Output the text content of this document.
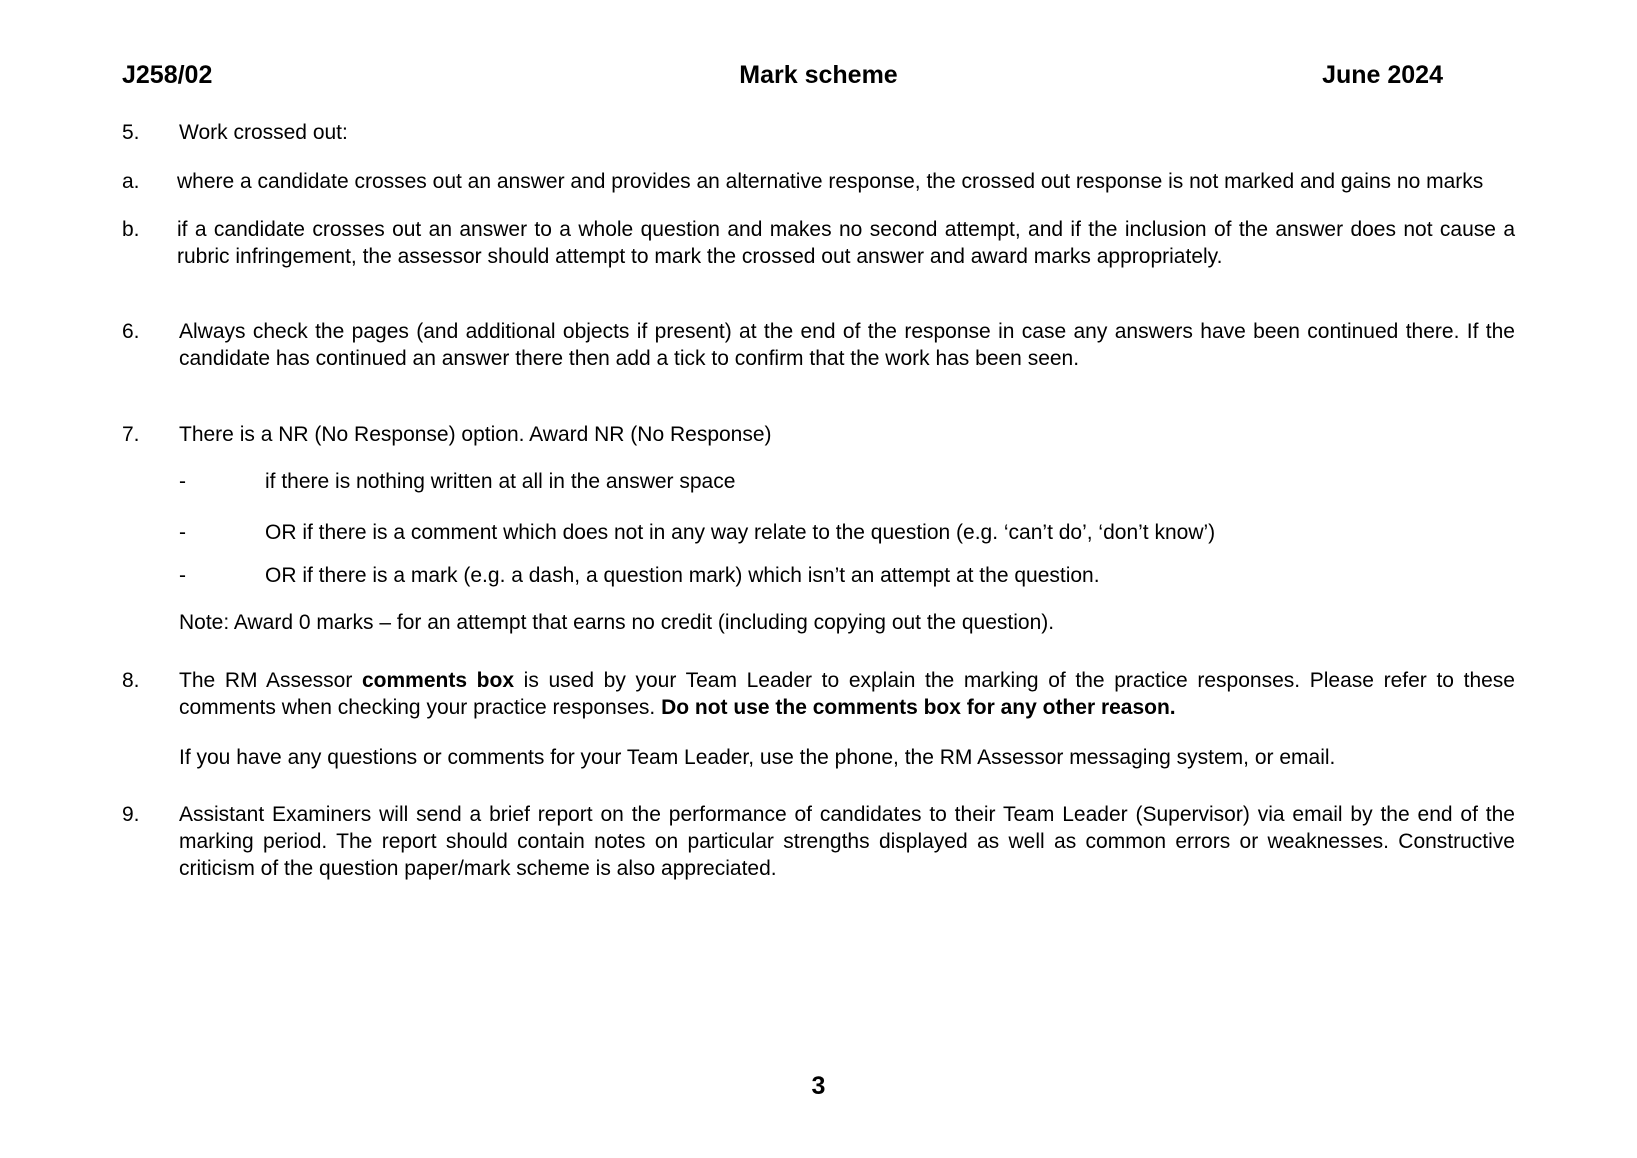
J258/02	Mark scheme	June 2024
5.	Work crossed out:
a.	where a candidate crosses out an answer and provides an alternative response, the crossed out response is not marked and gains no marks
b.	if a candidate crosses out an answer to a whole question and makes no second attempt, and if the inclusion of the answer does not cause a rubric infringement, the assessor should attempt to mark the crossed out answer and award marks appropriately.
6.	Always check the pages (and additional objects if present) at the end of the response in case any answers have been continued there. If the candidate has continued an answer there then add a tick to confirm that the work has been seen.
7.	There is a NR (No Response) option. Award NR (No Response)
-	if there is nothing written at all in the answer space
-	OR if there is a comment which does not in any way relate to the question (e.g. ‘can’t do’, ‘don’t know’)
-	OR if there is a mark (e.g. a dash, a question mark) which isn’t an attempt at the question.
Note: Award 0 marks – for an attempt that earns no credit (including copying out the question).
8.	The RM Assessor comments box is used by your Team Leader to explain the marking of the practice responses. Please refer to these comments when checking your practice responses. Do not use the comments box for any other reason.
If you have any questions or comments for your Team Leader, use the phone, the RM Assessor messaging system, or email.
9.	Assistant Examiners will send a brief report on the performance of candidates to their Team Leader (Supervisor) via email by the end of the marking period. The report should contain notes on particular strengths displayed as well as common errors or weaknesses. Constructive criticism of the question paper/mark scheme is also appreciated.
3
